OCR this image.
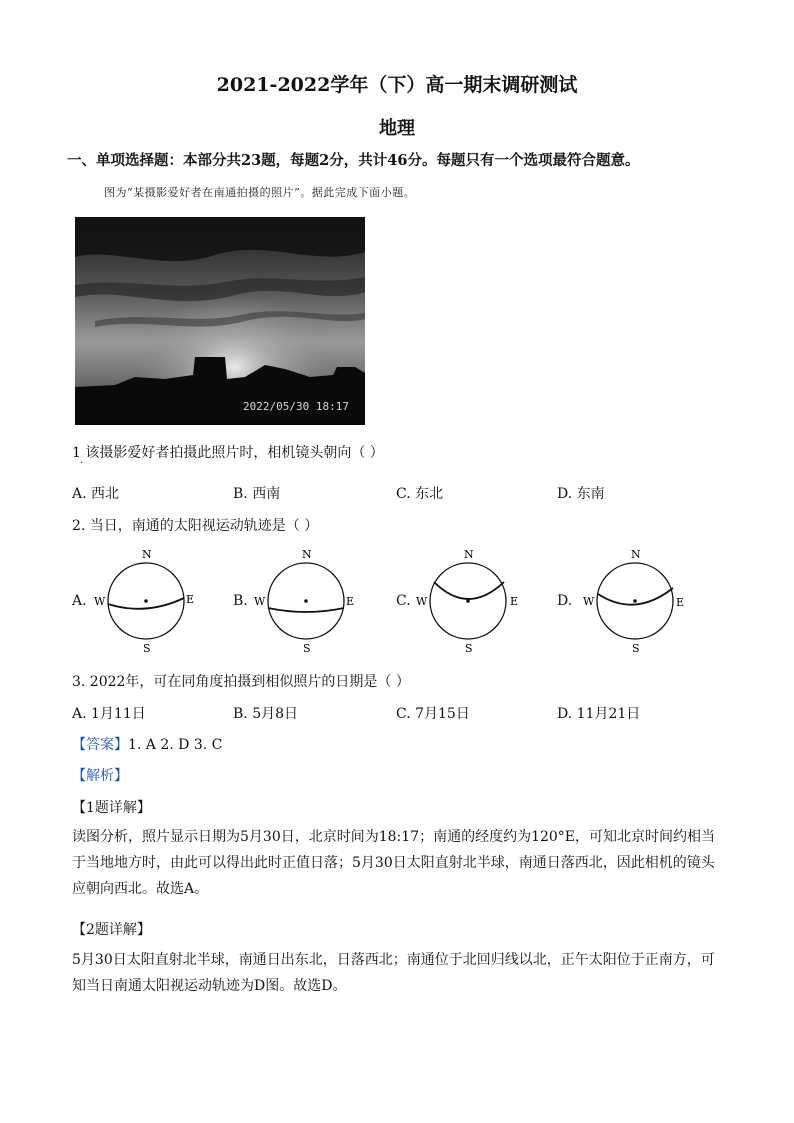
2021-2022学年（下）高一期末调研测试
地理
一、单项选择题：本部分共23题，每题2分，共计46分。每题只有一个选项最符合题意。
图为“某摄影爱好者在南通拍摄的照片”。据此完成下面小题。
2022/05/30 18:17
1 该摄影爱好者拍摄此照片时，相机镜头朝向（ ）
·
A. 西北	B. 西南	C. 东北	D. 东南
2. 当日，南通的太阳视运动轨迹是（ ）
A.	B.	C.	D.
N
S
W	E
N
S
W	E
N
S
W	E
N
S
W	E
3. 2022年，可在同角度拍摄到相似照片的日期是（ ）
A. 1月11日	B. 5月8日	C. 7月15日	D. 11月21日
【答案】1. A 2. D 3. C
【解析】
【1题详解】
读图分析，照片显示日期为5月30日，北京时间为18:17；南通的经度约为120°E，可知北京时间约相当于当地地方时，由此可以得出此时正值日落；5月30日太阳直射北半球，南通日落西北，因此相机的镜头应朝向西北。故选A。
【2题详解】
5月30日太阳直射北半球，南通日出东北，日落西北；南通位于北回归线以北，正午太阳位于正南方，可知当日南通太阳视运动轨迹为D图。故选D。
